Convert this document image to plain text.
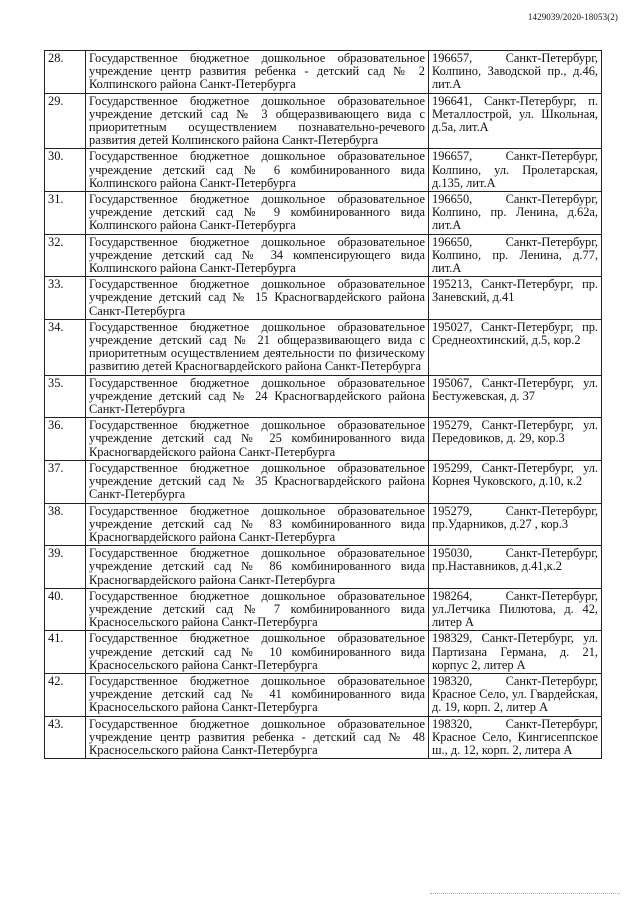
1429039/2020-18053(2)
28.	Государственное бюджетное дошкольное образовательное учреждение центр развития ребенка - детский сад № 2 Колпинского района Санкт-Петербурга	196657, Санкт-Петербург, Колпино, Заводской пр., д.46, лит.А
29.	Государственное бюджетное дошкольное образовательное учреждение детский сад № 3 общеразвивающего вида с приоритетным осуществлением познавательно-речевого развития детей Колпинского района Санкт-Петербурга	196641, Санкт-Петербург, п. Металлострой, ул. Школьная, д.5а, лит.А
30.	Государственное бюджетное дошкольное образовательное учреждение детский сад № 6 комбинированного вида Колпинского района Санкт-Петербурга	196657, Санкт-Петербург, Колпино, ул. Пролетарская, д.135, лит.А
31.	Государственное бюджетное дошкольное образовательное учреждение детский сад № 9 комбинированного вида Колпинского района Санкт-Петербурга	196650, Санкт-Петербург, Колпино, пр. Ленина, д.62а, лит.А
32.	Государственное бюджетное дошкольное образовательное учреждение детский сад № 34 компенсирующего вида Колпинского района Санкт-Петербурга	196650, Санкт-Петербург, Колпино, пр. Ленина, д.77, лит.А
33.	Государственное бюджетное дошкольное образовательное учреждение детский сад № 15 Красногвардейского района Санкт-Петербурга	195213, Санкт-Петербург, пр. Заневский, д.41
34.	Государственное бюджетное дошкольное образовательное учреждение детский сад № 21 общеразвивающего вида с приоритетным осуществлением деятельности по физическому развитию детей Красногвардейского района Санкт-Петербурга	195027, Санкт-Петербург, пр. Среднеохтинский, д.5, кор.2
35.	Государственное бюджетное дошкольное образовательное учреждение детский сад № 24 Красногвардейского района Санкт-Петербурга	195067, Санкт-Петербург, ул. Бестужевская, д. 37
36.	Государственное бюджетное дошкольное образовательное учреждение детский сад № 25 комбинированного вида Красногвардейского района Санкт-Петербурга	195279, Санкт-Петербург, ул. Передовиков, д. 29, кор.3
37.	Государственное бюджетное дошкольное образовательное учреждение детский сад № 35 Красногвардейского района Санкт-Петербурга	195299, Санкт-Петербург, ул. Корнея Чуковского, д.10, к.2
38.	Государственное бюджетное дошкольное образовательное учреждение детский сад № 83 комбинированного вида Красногвардейского района Санкт-Петербурга	195279, Санкт-Петербург, пр.Ударников, д.27 , кор.3
39.	Государственное бюджетное дошкольное образовательное учреждение детский сад № 86 комбинированного вида Красногвардейского района Санкт-Петербурга	195030, Санкт-Петербург, пр.Наставников, д.41,к.2
40.	Государственное бюджетное дошкольное образовательное учреждение детский сад № 7 комбинированного вида Красносельского района Санкт-Петербурга	198264, Санкт-Петербург, ул.Летчика Пилютова, д. 42, литер А
41.	Государственное бюджетное дошкольное образовательное учреждение детский сад № 10 комбинированного вида Красносельского района Санкт-Петербурга	198329, Санкт-Петербург, ул. Партизана Германа, д. 21, корпус 2, литер А
42.	Государственное бюджетное дошкольное образовательное учреждение детский сад № 41 комбинированного вида Красносельского района Санкт-Петербурга	198320, Санкт-Петербург, Красное Село, ул. Гвардейская, д. 19, корп. 2, литер А
43.	Государственное бюджетное дошкольное образовательное учреждение центр развития ребенка - детский сад № 48 Красносельского района Санкт-Петербурга	198320, Санкт-Петербург, Красное Село, Кингисеппское ш., д. 12, корп. 2, литера А
